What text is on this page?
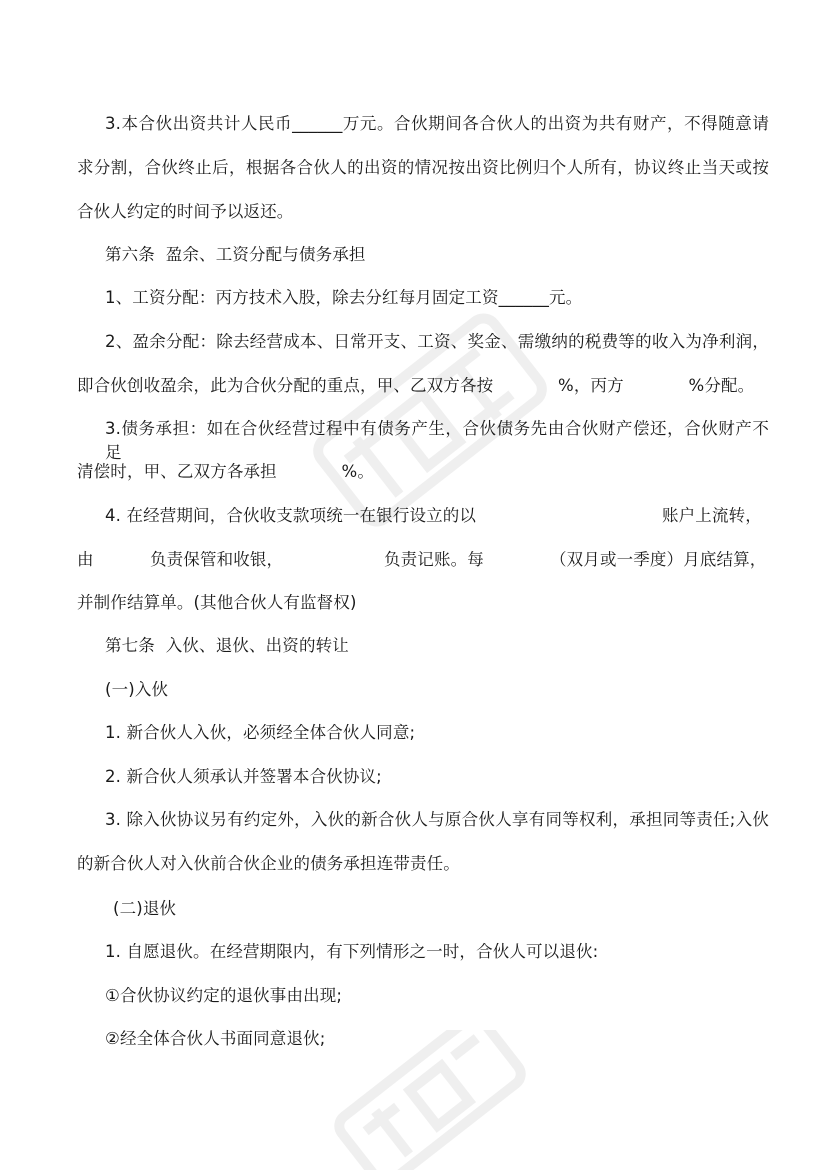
3.本合伙出资共计人民币______万元。合伙期间各合伙人的出资为共有财产，不得随意请
求分割，合伙终止后，根据各合伙人的出资的情况按出资比例归个人所有，协议终止当天或按
合伙人约定的时间予以返还。
第六条  盈余、工资分配与债务承担
1、工资分配：丙方技术入股，除去分红每月固定工资______元。
2、盈余分配：除去经营成本、日常开支、工资、奖金、需缴纳的税费等的收入为净利润，
即合伙创收盈余，此为合伙分配的重点，甲、乙双方各按            %，丙方            %分配。
3.债务承担：如在合伙经营过程中有债务产生，合伙债务先由合伙财产偿还，合伙财产不足
清偿时，甲、乙双方各承担            %。

4. 在经营期间，合伙收支款项统一在银行设立的以

	账户上流转，

由

	负责保管和收银，

	负责记账。每

	（双月或一季度）月底结算，

并制作结算单。(其他合伙人有监督权)
第七条  入伙、退伙、出资的转让
(一)入伙
1. 新合伙人入伙，必须经全体合伙人同意;
2. 新合伙人须承认并签署本合伙协议;
3. 除入伙协议另有约定外，入伙的新合伙人与原合伙人享有同等权利，承担同等责任;入伙
的新合伙人对入伙前合伙企业的债务承担连带责任。
(二)退伙
1. 自愿退伙。在经营期限内，有下列情形之一时，合伙人可以退伙:
①合伙协议约定的退伙事由出现;
②经全体合伙人书面同意退伙;
